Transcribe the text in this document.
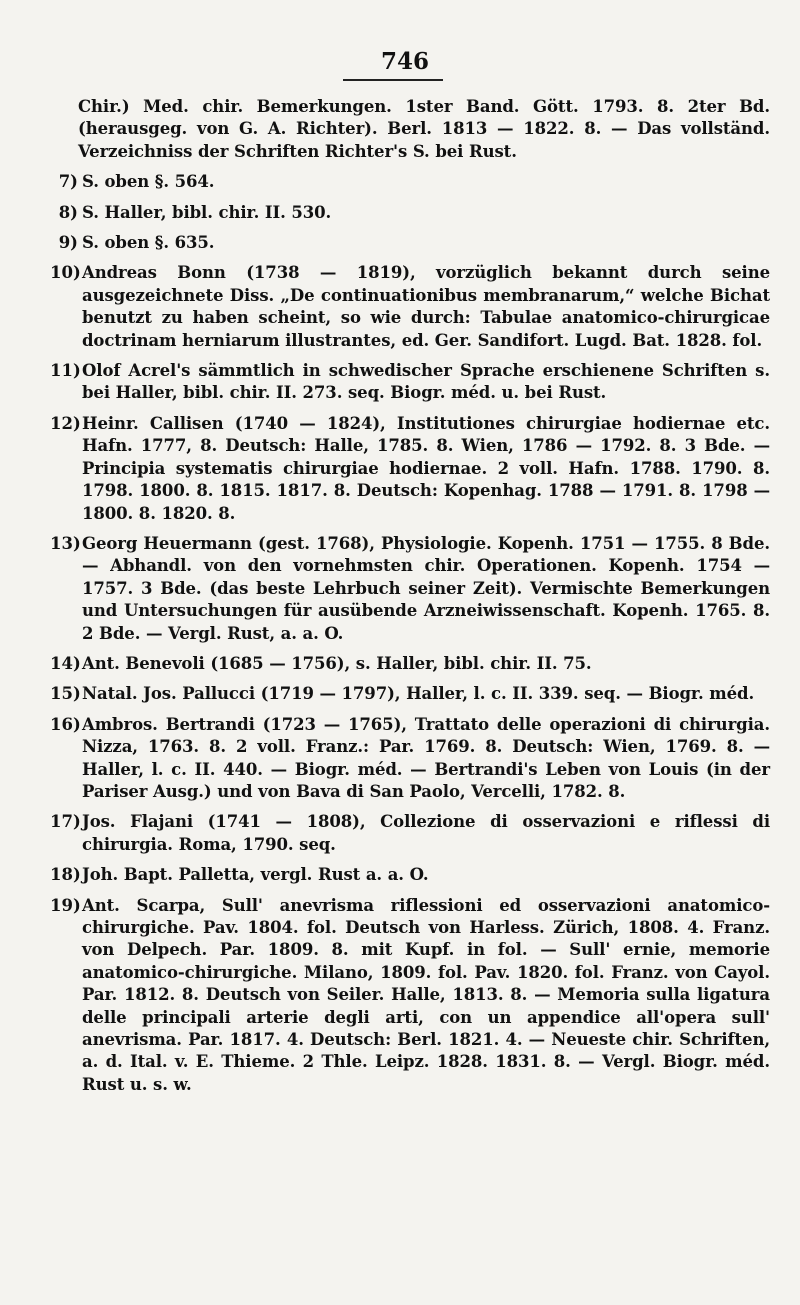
746
Chir.) Med. chir. Bemerkungen. 1ster Band. Gött. 1793. 8. 2ter Bd. (herausgeg. von G. A. Richter). Berl. 1813 — 1822. 8. — Das vollständ. Verzeichniss der Schriften Richter's S. bei Rust.
7) S. oben §. 564.
8) S. Haller, bibl. chir. II. 530.
9) S. oben §. 635.
10) Andreas Bonn (1738 — 1819), vorzüglich bekannt durch seine ausgezeichnete Diss. „De continuationibus membranarum,“ welche Bichat benutzt zu haben scheint, so wie durch: Tabulae anatomico-chirurgicae doctrinam herniarum illustrantes, ed. Ger. Sandifort. Lugd. Bat. 1828. fol.
11) Olof Acrel's sämmtlich in schwedischer Sprache erschienene Schriften s. bei Haller, bibl. chir. II. 273. seq. Biogr. méd. u. bei Rust.
12) Heinr. Callisen (1740 — 1824), Institutiones chirurgiae hodiernae etc. Hafn. 1777, 8. Deutsch: Halle, 1785. 8. Wien, 1786 — 1792. 8. 3 Bde. — Principia systematis chirurgiae hodiernae. 2 voll. Hafn. 1788. 1790. 8. 1798. 1800. 8. 1815. 1817. 8. Deutsch: Kopenhag. 1788 — 1791. 8. 1798 — 1800. 8. 1820. 8.
13) Georg Heuermann (gest. 1768), Physiologie. Kopenh. 1751 — 1755. 8 Bde. — Abhandl. von den vornehmsten chir. Operationen. Kopenh. 1754 — 1757. 3 Bde. (das beste Lehrbuch seiner Zeit). Vermischte Bemerkungen und Untersuchungen für ausübende Arzneiwissenschaft. Kopenh. 1765. 8. 2 Bde. — Vergl. Rust, a. a. O.
14) Ant. Benevoli (1685 — 1756), s. Haller, bibl. chir. II. 75.
15) Natal. Jos. Pallucci (1719 — 1797), Haller, l. c. II. 339. seq. — Biogr. méd.
16) Ambros. Bertrandi (1723 — 1765), Trattato delle operazioni di chirurgia. Nizza, 1763. 8. 2 voll. Franz.: Par. 1769. 8. Deutsch: Wien, 1769. 8. — Haller, l. c. II. 440. — Biogr. méd. — Bertrandi's Leben von Louis (in der Pariser Ausg.) und von Bava di San Paolo, Vercelli, 1782. 8.
17) Jos. Flajani (1741 — 1808), Collezione di osservazioni e riflessi di chirurgia. Roma, 1790. seq.
18) Joh. Bapt. Palletta, vergl. Rust a. a. O.
19) Ant. Scarpa, Sull' anevrisma riflessioni ed osservazioni anatomico-chirurgiche. Pav. 1804. fol. Deutsch von Harless. Zürich, 1808. 4. Franz. von Delpech. Par. 1809. 8. mit Kupf. in fol. — Sull' ernie, memorie anatomico-chirurgiche. Milano, 1809. fol. Pav. 1820. fol. Franz. von Cayol. Par. 1812. 8. Deutsch von Seiler. Halle, 1813. 8. — Memoria sulla ligatura delle principali arterie degli arti, con un appendice all'opera sull' anevrisma. Par. 1817. 4. Deutsch: Berl. 1821. 4. — Neueste chir. Schriften, a. d. Ital. v. E. Thieme. 2 Thle. Leipz. 1828. 1831. 8. — Vergl. Biogr. méd. Rust u. s. w.
